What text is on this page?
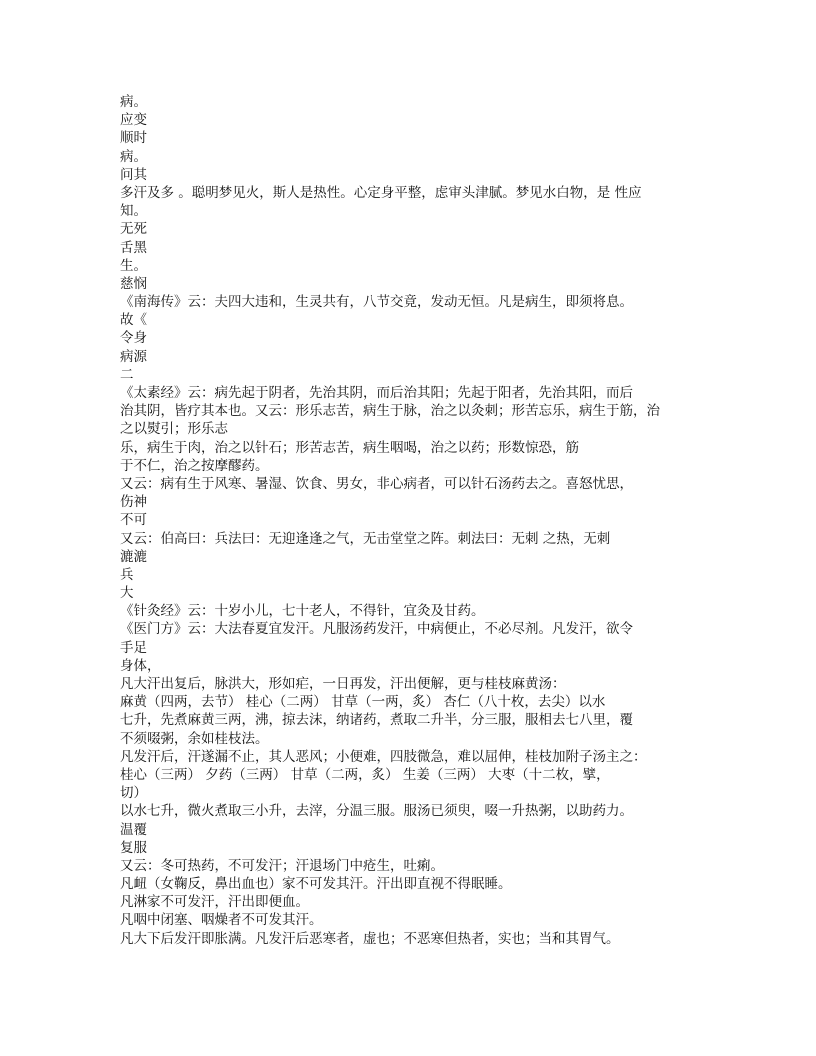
病。
应变
顺时
病。
问其
多汗及多 。聪明梦见火，斯人是热性。心定身平整，虑审头津腻。梦见水白物，是 性应
知。
无死
舌黑
生。
慈悯
《南海传》云：夫四大违和，生灵共有，八节交竟，发动无恒。凡是病生，即须将息。
故《
令身
病源
二
《太素经》云：病先起于阴者，先治其阴，而后治其阳；先起于阳者，先治其阳，而后
治其阴，皆疗其本也。又云：形乐志苦，病生于脉，治之以灸刺；形苦忘乐，病生于筋，治
之以熨引；形乐志
乐，病生于肉，治之以针石；形苦志苦，病生咽喝，治之以药；形数惊恐，筋
于不仁，治之按摩醪药。
又云：病有生于风寒、暑湿、饮食、男女，非心病者，可以针石汤药去之。喜怒忧思，
伤神
不可
又云：伯高曰：兵法曰：无迎逢逢之气，无击堂堂之阵。刺法曰：无刺 之热，无刺
漉漉
兵
大
《针灸经》云：十岁小儿，七十老人，不得针，宜灸及甘药。
《医门方》云：大法春夏宜发汗。凡服汤药发汗，中病便止，不必尽剂。凡发汗，欲令
手足
身体，
凡大汗出复后，脉洪大，形如疟，一日再发，汗出便解，更与桂枝麻黄汤：
麻黄（四两，去节） 桂心（二两） 甘草（一两，炙） 杏仁（八十枚，去尖）以水
七升，先煮麻黄三两，沸，掠去沫，纳诸药，煮取二升半，分三服，服相去七八里，覆
不须啜粥，余如桂枝法。
凡发汗后，汗遂漏不止，其人恶风；小便难，四肢微急，难以屈伸，桂枝加附子汤主之：
桂心（三两） 夕药（三两） 甘草（二两，炙） 生姜（三两） 大枣（十二枚，擘，
切）
以水七升，微火煮取三小升，去滓，分温三服。服汤已须臾，啜一升热粥，以助药力。
温覆
复服
又云：冬可热药，不可发汗；汗退场门中疮生，吐痢。
凡衄（女鞠反，鼻出血也）家不可发其汗。汗出即直视不得眠睡。
凡淋家不可发汗，汗出即便血。
凡咽中闭塞、咽燥者不可发其汗。
凡大下后发汗即胀满。凡发汗后恶寒者，虚也；不恶寒但热者，实也；当和其胃气。
